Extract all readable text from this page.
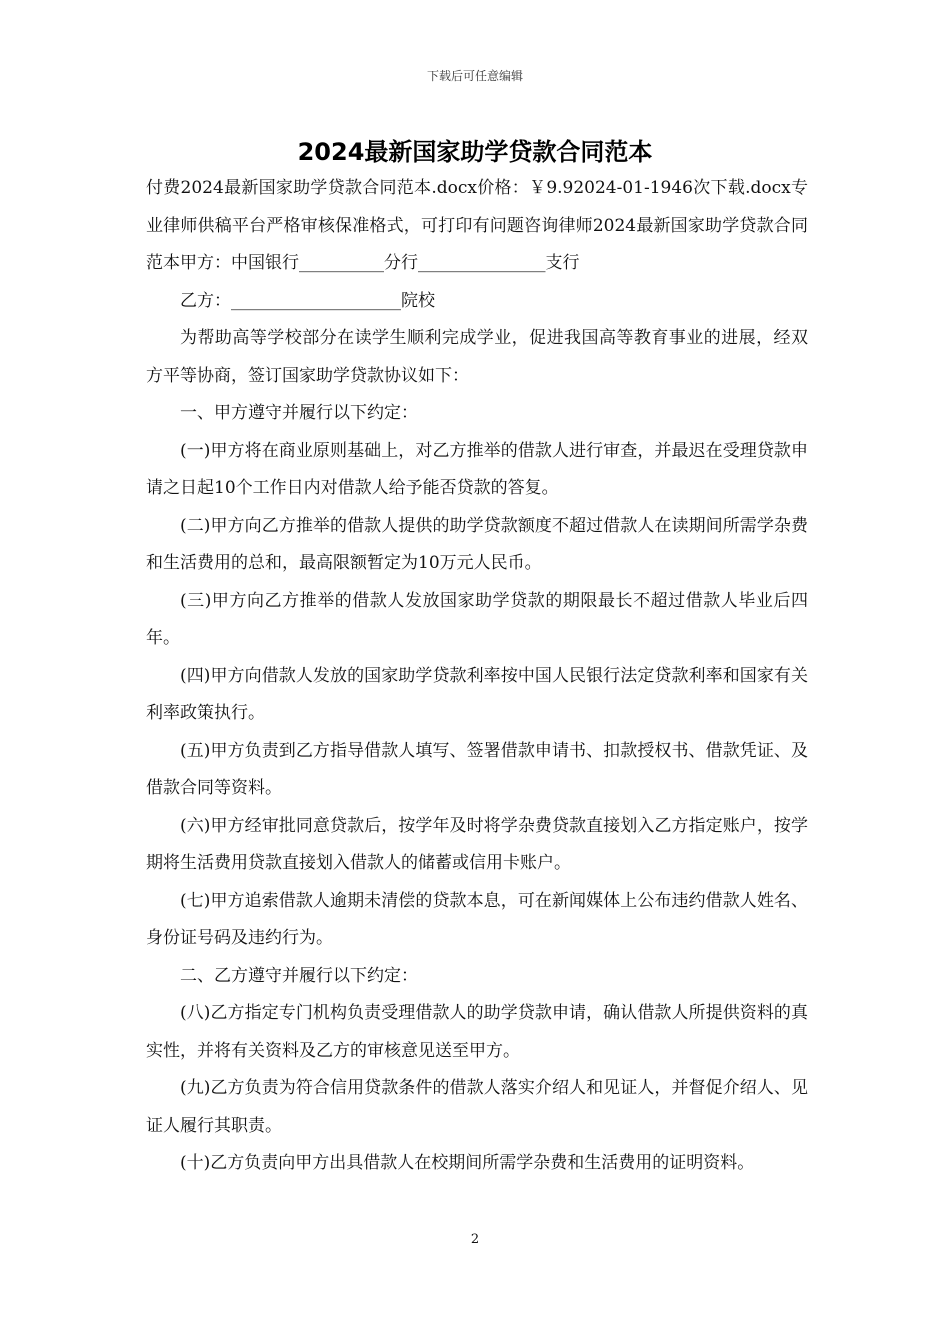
下载后可任意编辑
2024最新国家助学贷款合同范本

付费2024最新国家助学贷款合同范本.docx价格：￥9.92024-01-1946次下载.docx专业律师供稿平台严格审核保准格式，可打印有问题咨询律师2024最新国家助学贷款合同范本甲方：中国银行__________分行_______________支行

乙方：____________________院校

为帮助高等学校部分在读学生顺利完成学业，促进我国高等教育事业的进展，经双方平等协商，签订国家助学贷款协议如下：

一、甲方遵守并履行以下约定：

(一)甲方将在商业原则基础上，对乙方推举的借款人进行审查，并最迟在受理贷款申请之日起10个工作日内对借款人给予能否贷款的答复。

(二)甲方向乙方推举的借款人提供的助学贷款额度不超过借款人在读期间所需学杂费和生活费用的总和，最高限额暂定为10万元人民币。

(三)甲方向乙方推举的借款人发放国家助学贷款的期限最长不超过借款人毕业后四年。

(四)甲方向借款人发放的国家助学贷款利率按中国人民银行法定贷款利率和国家有关利率政策执行。

(五)甲方负责到乙方指导借款人填写、签署借款申请书、扣款授权书、借款凭证、及借款合同等资料。

(六)甲方经审批同意贷款后，按学年及时将学杂费贷款直接划入乙方指定账户，按学期将生活费用贷款直接划入借款人的储蓄或信用卡账户。

(七)甲方追索借款人逾期未清偿的贷款本息，可在新闻媒体上公布违约借款人姓名、身份证号码及违约行为。

二、乙方遵守并履行以下约定：

(八)乙方指定专门机构负责受理借款人的助学贷款申请，确认借款人所提供资料的真实性，并将有关资料及乙方的审核意见送至甲方。

(九)乙方负责为符合信用贷款条件的借款人落实介绍人和见证人，并督促介绍人、见证人履行其职责。

(十)乙方负责向甲方出具借款人在校期间所需学杂费和生活费用的证明资料。

2
